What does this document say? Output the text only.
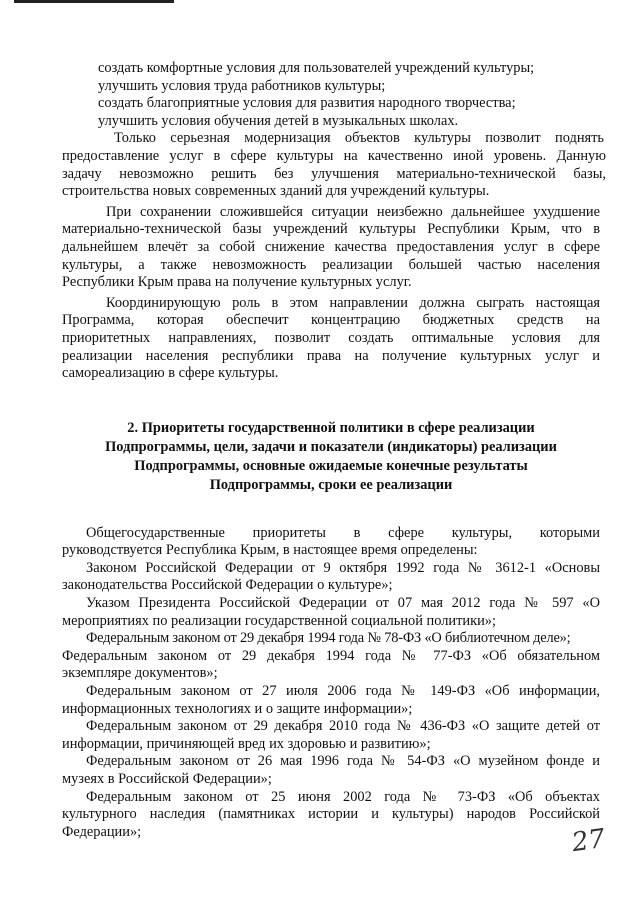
создать комфортные условия для пользователей учреждений культуры;
улучшить условия труда работников культуры;
создать благоприятные условия для развития народного творчества;
улучшить условия обучения детей в музыкальных школах.
Только серьезная модернизация объектов культуры позволит поднять
предоставление услуг в сфере культуры на качественно иной уровень. Данную
задачу невозможно решить без улучшения материально-технической базы,
строительства новых современных зданий для учреждений культуры.
При сохранении сложившейся ситуации неизбежно дальнейшее ухудшение
материально-технической базы учреждений культуры Республики Крым, что в
дальнейшем влечёт за собой снижение качества предоставления услуг в сфере
культуры, а также невозможность реализации большей частью населения
Республики Крым права на получение культурных услуг.
Координирующую роль в этом направлении должна сыграть настоящая
Программа, которая обеспечит концентрацию бюджетных средств на
приоритетных направлениях, позволит создать оптимальные условия для
реализации населения республики права на получение культурных услуг и
самореализацию в сфере культуры.
2. Приоритеты государственной политики в сфере реализации
Подпрограммы, цели, задачи и показатели (индикаторы) реализации
Подпрограммы, основные ожидаемые конечные результаты
Подпрограммы, сроки ее реализации
Общегосударственные приоритеты в сфере культуры, которыми
руководствуется Республика Крым, в настоящее время определены:
Законом Российской Федерации от 9 октября 1992 года № 3612-1 «Основы
законодательства Российской Федерации о культуре»;
Указом Президента Российской Федерации от 07 мая 2012 года № 597 «О
мероприятиях по реализации государственной социальной политики»;
Федеральным законом от 29 декабря 1994 года № 78-ФЗ «О библиотечном деле»;
Федеральным законом от 29 декабря 1994 года № 77-ФЗ «Об обязательном
экземпляре документов»;
Федеральным законом от 27 июля 2006 года № 149-ФЗ «Об информации,
информационных технологиях и о защите информации»;
Федеральным законом от 29 декабря 2010 года № 436-ФЗ «О защите детей от
информации, причиняющей вред их здоровью и развитию»;
Федеральным законом от 26 мая 1996 года № 54-ФЗ «О музейном фонде и
музеях в Российской Федерации»;
Федеральным законом от 25 июня 2002 года № 73-ФЗ «Об объектах
культурного наследия (памятниках истории и культуры) народов Российской
Федерации»;	27
